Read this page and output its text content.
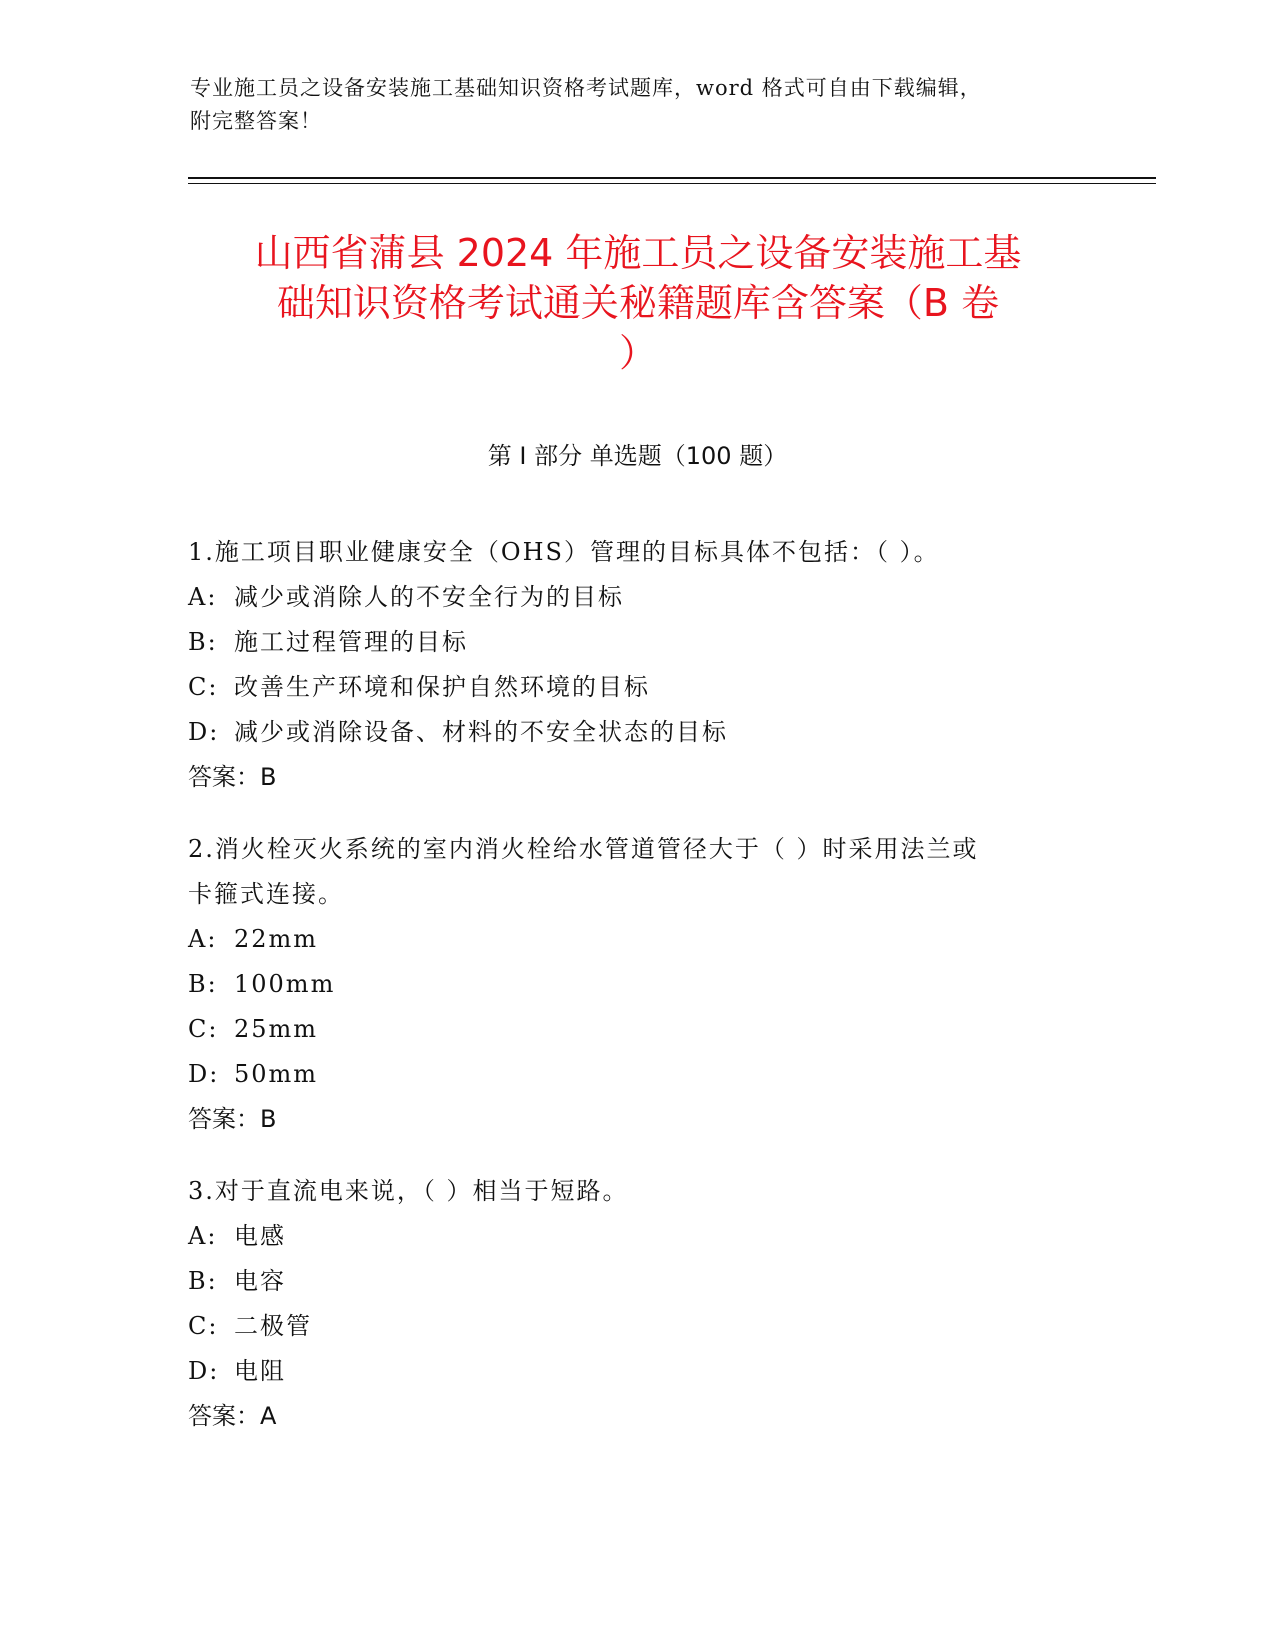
专业施工员之设备安装施工基础知识资格考试题库，word 格式可自由下载编辑，
附完整答案！
山西省蒲县 2024 年施工员之设备安装施工基
础知识资格考试通关秘籍题库含答案（B 卷
）
第 I 部分 单选题（100 题）
1.施工项目职业健康安全（OHS）管理的目标具体不包括：（ ）。
A: 减少或消除人的不安全行为的目标
B: 施工过程管理的目标
C: 改善生产环境和保护自然环境的目标
D: 减少或消除设备、材料的不安全状态的目标
答案：B
2.消火栓灭火系统的室内消火栓给水管道管径大于（ ）时采用法兰或
卡箍式连接。
A: 22mm
B: 100mm
C: 25mm
D: 50mm
答案：B
3.对于直流电来说，（ ）相当于短路。
A: 电感
B: 电容
C: 二极管
D: 电阻
答案：A
